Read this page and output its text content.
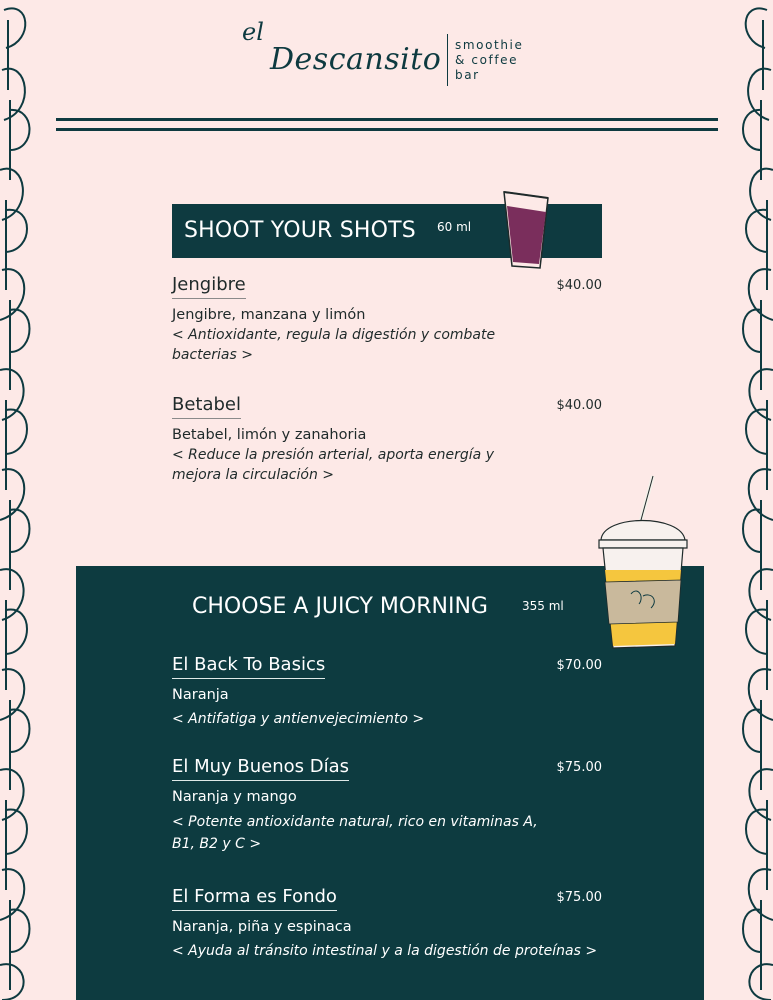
el
Descansito smoothie
& coffee
bar
SHOOT YOUR SHOTS 60 ml
Jengibre	$40.00
Jengibre, manzana y limón
< Antioxidante, regula la digestión y combate bacterias >
Betabel	$40.00
Betabel, limón y zanahoria
< Reduce la presión arterial, aporta energía y mejora la circulación >
CHOOSE A JUICY MORNING	355 ml
El Back To Basics	$70.00
Naranja
< Antifatiga y antienvejecimiento >
El Muy Buenos Días	$75.00
Naranja y mango
< Potente antioxidante natural, rico en vitaminas A, B1, B2 y C >
El Forma es Fondo	$75.00
Naranja, piña y espinaca
< Ayuda al tránsito intestinal y a la digestión de proteínas >
